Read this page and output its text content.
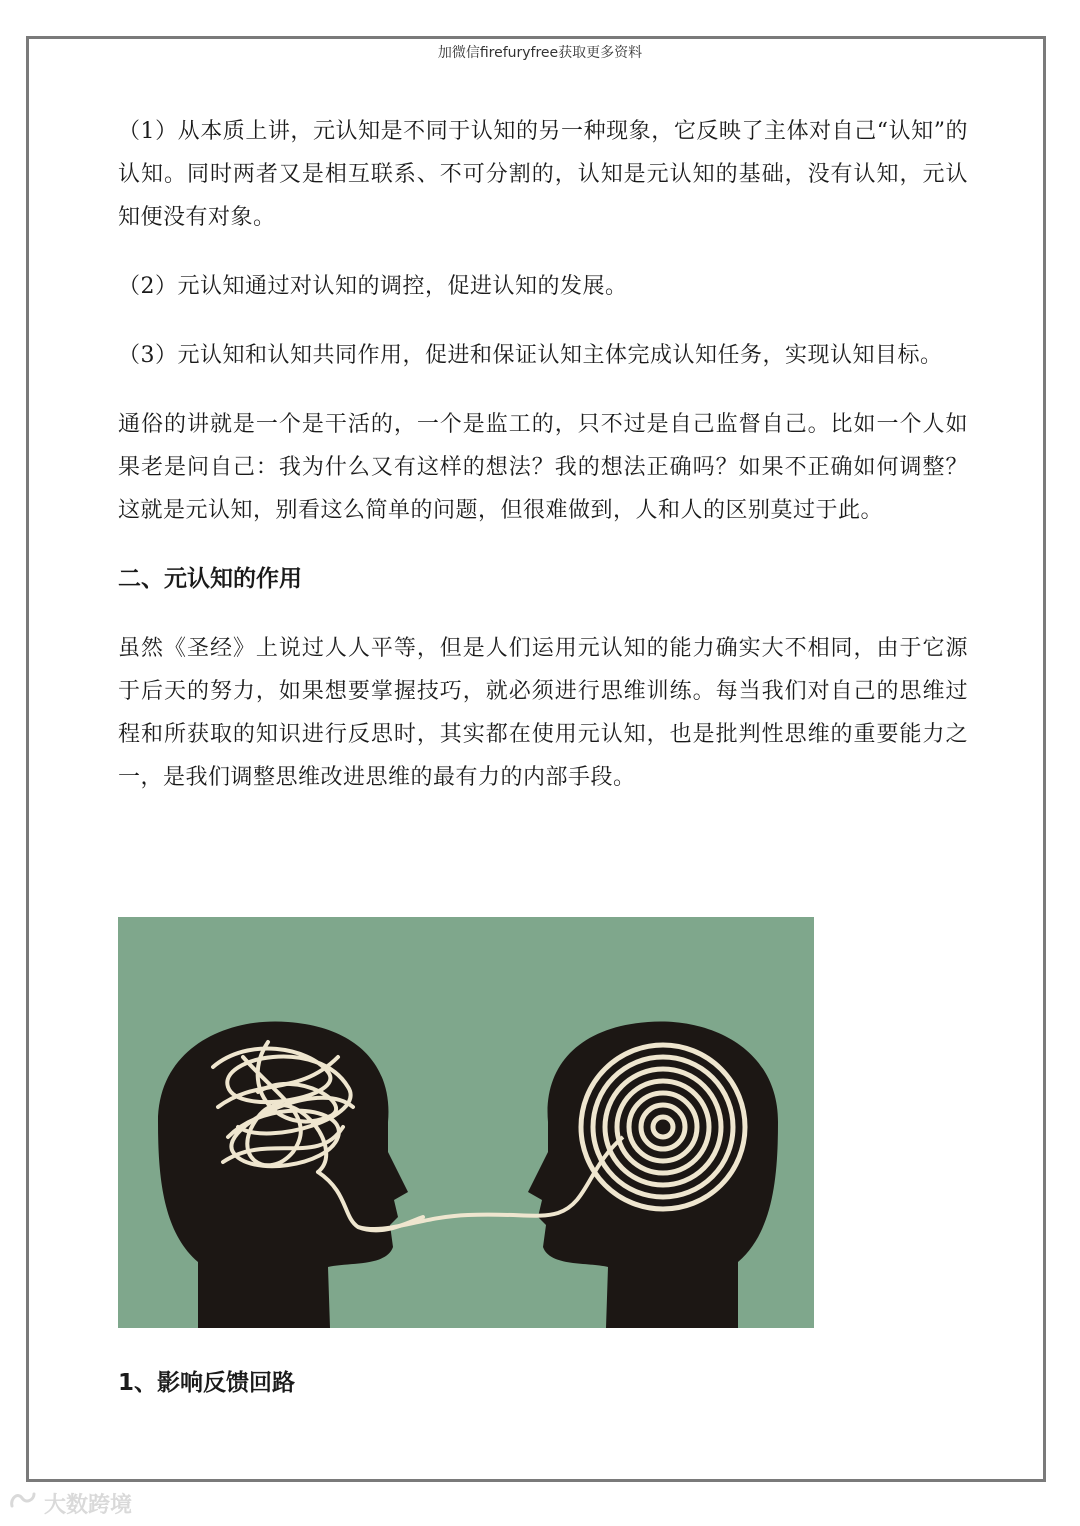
加微信firefuryfree获取更多资料

（1）从本质上讲，元认知是不同于认知的另一种现象，它反映了主体对自己“认知”的认知。同时两者又是相互联系、不可分割的，认知是元认知的基础，没有认知，元认知便没有对象。

（2）元认知通过对认知的调控，促进认知的发展。

（3）元认知和认知共同作用，促进和保证认知主体完成认知任务，实现认知目标。

通俗的讲就是一个是干活的，一个是监工的，只不过是自己监督自己。比如一个人如果老是问自己：我为什么又有这样的想法？我的想法正确吗？如果不正确如何调整？这就是元认知，别看这么简单的问题，但很难做到，人和人的区别莫过于此。

二、元认知的作用

虽然《圣经》上说过人人平等，但是人们运用元认知的能力确实大不相同，由于它源于后天的努力，如果想要掌握技巧，就必须进行思维训练。每当我们对自己的思维过程和所获取的知识进行反思时，其实都在使用元认知，也是批判性思维的重要能力之一，是我们调整思维改进思维的最有力的内部手段。

1、影响反馈回路
大数跨境
